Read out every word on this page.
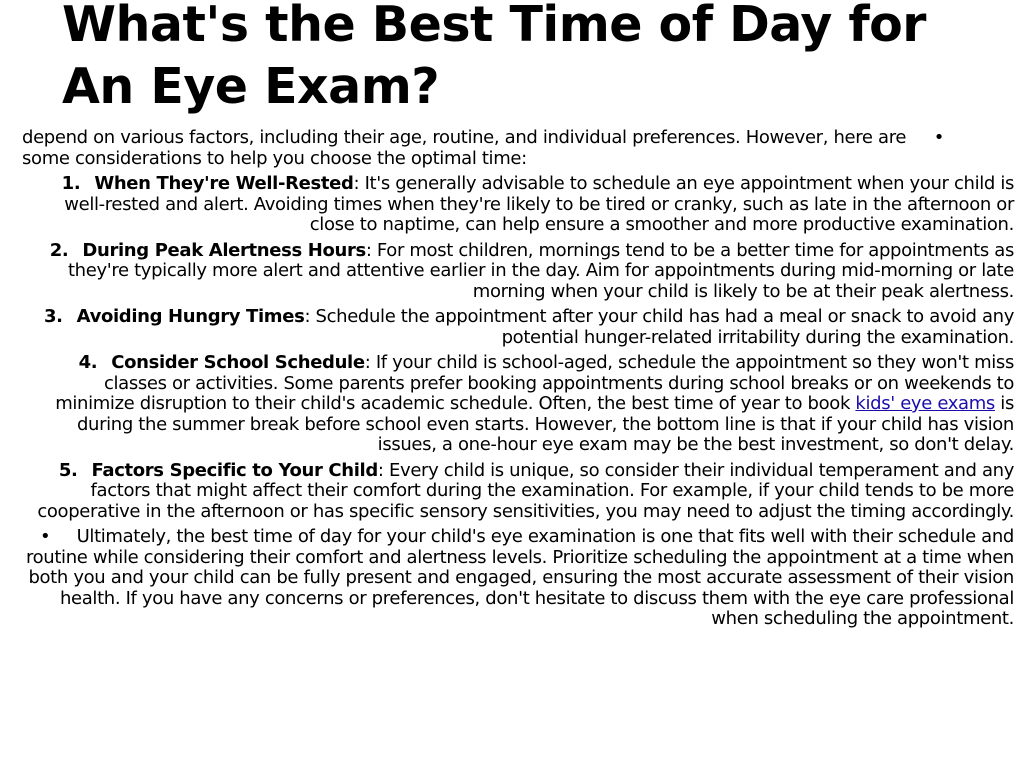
What's the Best Time of Day for An Eye Exam?

depend on various factors, including their age, routine, and individual preferences. However, here are some considerations to help you choose the optimal time:
•

1. When They're Well-Rested: It's generally advisable to schedule an eye appointment when your child is well-rested and alert. Avoiding times when they're likely to be tired or cranky, such as late in the afternoon or close to naptime, can help ensure a smoother and more productive examination.

2. During Peak Alertness Hours: For most children, mornings tend to be a better time for appointments as they're typically more alert and attentive earlier in the day. Aim for appointments during mid-morning or late morning when your child is likely to be at their peak alertness.

3. Avoiding Hungry Times: Schedule the appointment after your child has had a meal or snack to avoid any potential hunger-related irritability during the examination.

4. Consider School Schedule: If your child is school-aged, schedule the appointment so they won't miss classes or activities. Some parents prefer booking appointments during school breaks or on weekends to minimize disruption to their child's academic schedule. Often, the best time of year to book kids' eye exams is during the summer break before school even starts. However, the bottom line is that if your child has vision issues, a one-hour eye exam may be the best investment, so don't delay.

5. Factors Specific to Your Child: Every child is unique, so consider their individual temperament and any factors that might affect their comfort during the examination. For example, if your child tends to be more cooperative in the afternoon or has specific sensory sensitivities, you may need to adjust the timing accordingly.

• Ultimately, the best time of day for your child's eye examination is one that fits well with their schedule and routine while considering their comfort and alertness levels. Prioritize scheduling the appointment at a time when both you and your child can be fully present and engaged, ensuring the most accurate assessment of their vision health. If you have any concerns or preferences, don't hesitate to discuss them with the eye care professional when scheduling the appointment.
